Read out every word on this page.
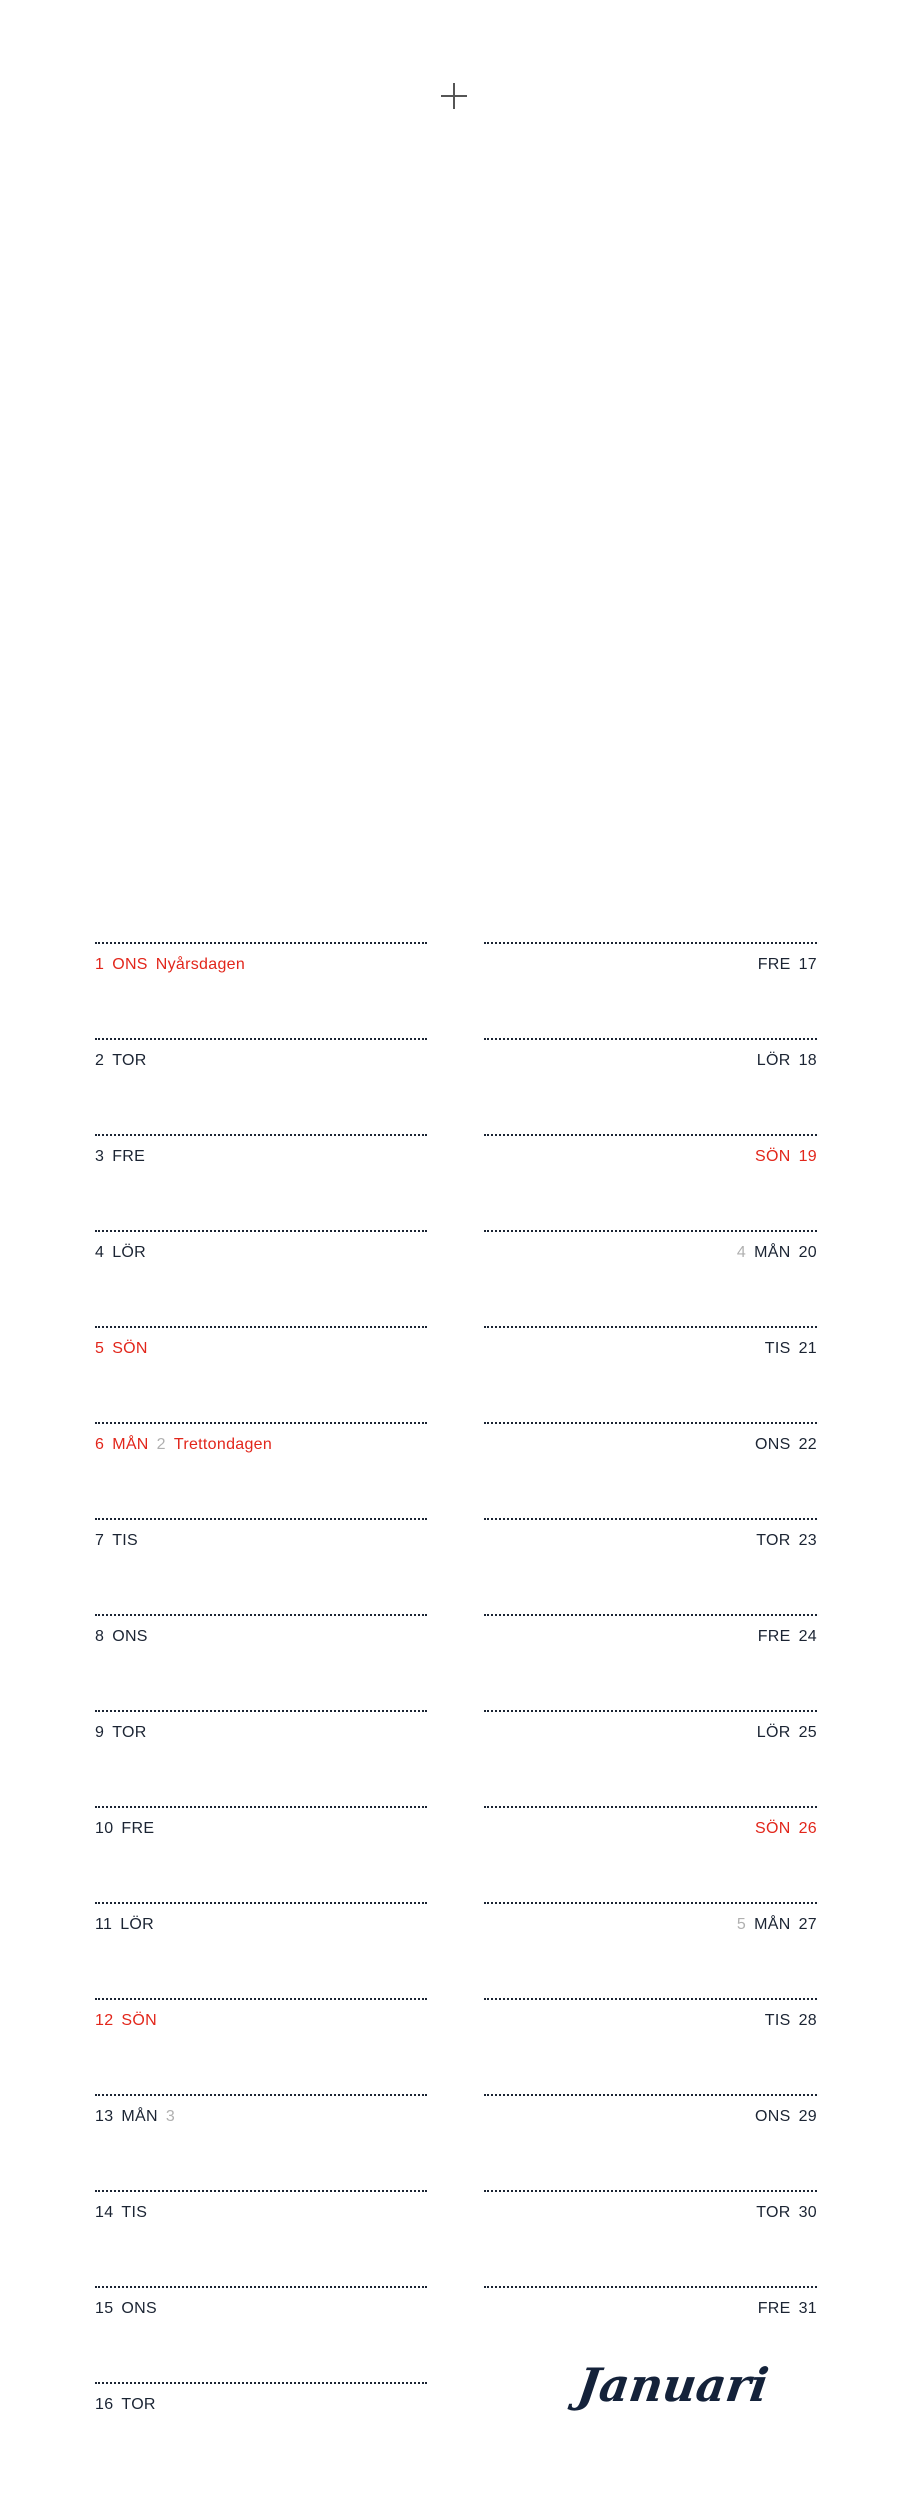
1 ONS Nyårsdagen
2 TOR
3 FRE
4 LÖR
5 SÖN
6 MÅN 2 Trettondagen
7 TIS
8 ONS
9 TOR
10 FRE
11 LÖR
12 SÖN
13 MÅN 3
14 TIS
15 ONS
16 TOR
FRE 17
LÖR 18
SÖN 19
4 MÅN 20
TIS 21
ONS 22
TOR 23
FRE 24
LÖR 25
SÖN 26
5 MÅN 27
TIS 28
ONS 29
TOR 30
FRE 31
Januari
